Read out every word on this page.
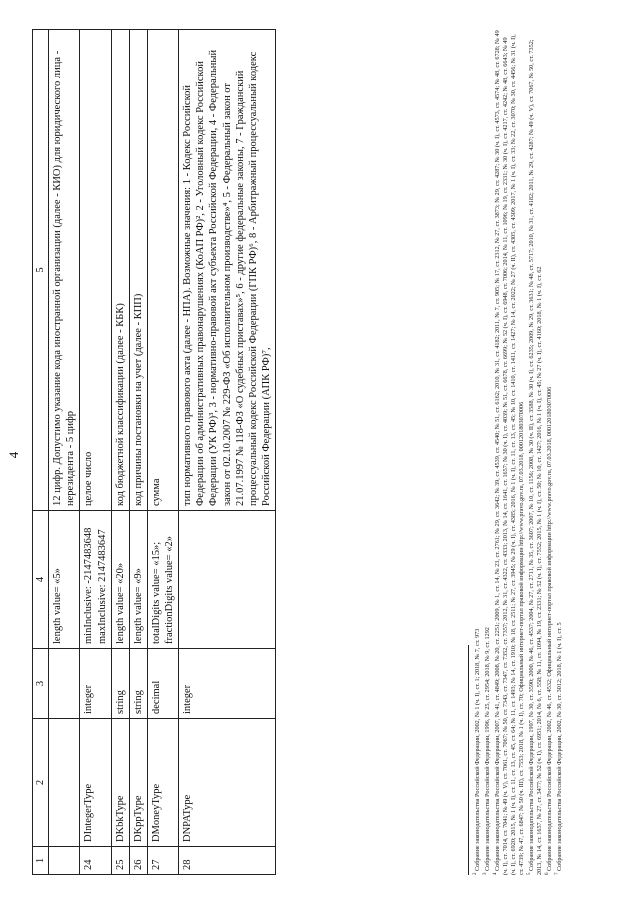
4
1	2	3	4	5
			length value= «5»	12 цифр. Допустимо указание кода иностранной организации (далее - КИО) для юридического лица - нерезидента - 5 цифр
24	DIntegerType	integer	minInclusive: -2147483648 maxInclusive: 2147483647	целое число
25	DKbkType	string	length value= «20»	код бюджетной классификации (далее - КБК)
26	DKppType	string	length value= «9»	код причины постановки на учет (далее - КПП)
27	DMoneyType	decimal	totalDigits value= «15»; fractionDigits value= «2»	сумма
28	DNPAType	integer		тип нормативного правового акта (далее - НПА). Возможные значения: 1 - Кодекс Российской Федерации об административных правонарушениях (КоАП РФ)², 2 - Уголовный кодекс Российской Федерации (УК РФ)³, 3 - нормативно-правовой акт субъекта Российской Федерации, 4 - Федеральный закон от 02.10.2007 № 229-ФЗ «Об исполнительном производстве»⁴, 5 - Федеральный закон от 21.07.1997 № 118-ФЗ «О судебных приставах»⁵, 6 - другие федеральные законы, 7 - Гражданский процессуальный кодекс Российской Федерации (ГПК РФ)⁶, 8 - Арбитражный процессуальный кодекс Российской Федерации (АПК РФ)⁷,

$^2$ Собрание законодательства Российской Федерации, 2002, № 1 (ч. I), ст. 1; 2018, № 7, ст. 973

$^3$ Собрание законодательства Российской Федерации, 1996, № 25, ст. 2954; 2018, № 9, ст. 1292

$^4$ Собрание законодательства Российской Федерации, 2007, № 41, ст. 4849; 2008, № 20, ст. 2251; 2009, № 1, ст. 14, № 23, ст. 2761; № 29, ст. 3642; № 39, ст. 4539, ст. 4540; № 51, ст. 6162; 2010, № 31, ст. 4182; 2011, № 7, ст. 905; № 17, ст. 2312, № 27, ст. 3873; № 29, ст. 4287; № 30 (ч. I), ст. 4573, ст. 4574; № 48, ст. 6728; № 49 (ч. I), ст. 7014, ст. 7041; № 49 (ч. V), ст. 7061, ст. 7067; № 50, ст. 7343, ст. 7347, ст. 7352, ст. 7357; 2012, № 31, ст. 4322, ст. 4333; 2013, № 14, ст. 1641, ст. 1657; № 30 (ч. I), ст. 4039; № 51, ст. 6678, ст. 6699; № 52 (ч. I), ст. 6948, ст. 7006; 2014, № 11, ст. 1096; № 19, ст. 2331; № 30 (ч. I), ст. 4217, ст. 4242; № 48, ст. 6643; № 49 (ч. I), ст. 6920; 2015, № 1 (ч. I), ст. 11, ст. 13, ст. 45, ст. 64; № 11, ст. 1493; № 14, ст. 1910; № 18, ст. 2511; № 27, ст. 3945; № 29 (ч. I), ст. 4385; 2016, № 1 (ч. I), ст. 11, ст. 13, ст. 45; № 10, ст. 1410, ст. 1411, ст. 1427; № 14, ст. 2022; № 27 (ч. II), ст. 4305, ст. 4309; 2017, № 1 (ч. I), ст. 33; № 22, ст. 3070; № 30, ст. 4456; № 31 (ч. I), ст. 4739; № 47, ст. 6847; № 50 (ч. III), ст. 7553; 2018, № 1 (ч. I), ст. 70; Официальный интернет-портал правовой информации http://www.pravo.gov.ru, 07.03.2018, 0001201803070006 $^5$ Собрание законодательства Российской Федерации, 1997, № 30, ст. 3590; 2000, № 46, ст. 4537; 2004, № 27, ст. 2711, № 35, ст. 3607; 2007, № 10, ст. 1156; 2008, № 30 (ч. II), ст. 3588, № 30 (ч. I), ст. 6235; 2009, № 29, ст. 3631; № 48, ст. 5717; 2010, № 31, ст. 4182; 2011, № 29, ст. 4287; № 49 (ч. V), ст. 7067, № 50, ст. 7352; 2013, № 14, ст. 1657, № 27, ст. 3477; № 52 (ч. I), ст. 6951; 2014, № 6, ст. 558; № 11, ст. 1094, № 19, ст. 2331; № 52 (ч. I), ст. 7552; 2015, № 1 (ч. I), ст. 50; № 10, ст. 1427; 2016, № 1 (ч. I), ст. 45; № 27 (ч. I), ст. 4160; 2018, № 1 (ч. I), ст. 62 $^6$ Собрание законодательства Российской Федерации, 2002, № 46, ст. 4532; Официальный интернет-портал правовой информации http://www.pravo.gov.ru, 07.03.2018, 0001201803070006

$^7$ Собрание законодательства Российской Федерации, 2002, № 30, ст. 3012; 2018, № 1 (ч. I), ст. 5
